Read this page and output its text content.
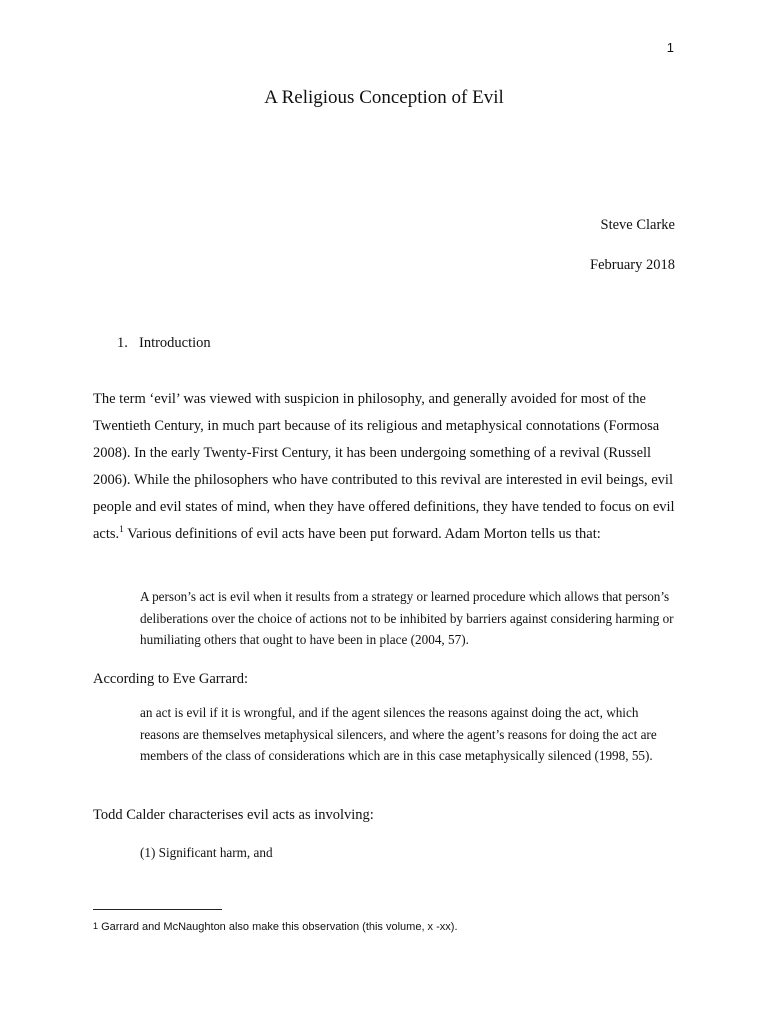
1
A Religious Conception of Evil
Steve Clarke
February 2018
1. Introduction

The term ‘evil’ was viewed with suspicion in philosophy, and generally avoided for most of the Twentieth Century, in much part because of its religious and metaphysical connotations (Formosa 2008). In the early Twenty-First Century, it has been undergoing something of a revival (Russell 2006). While the philosophers who have contributed to this revival are interested in evil beings, evil people and evil states of mind, when they have offered definitions, they have tended to focus on evil acts.$^1$ Various definitions of evil acts have been put forward. Adam Morton tells us that:

A person’s act is evil when it results from a strategy or learned procedure which allows that person’s deliberations over the choice of actions not to be inhibited by barriers against considering harming or humiliating others that ought to have been in place (2004, 57).

According to Eve Garrard:

an act is evil if it is wrongful, and if the agent silences the reasons against doing the act, which reasons are themselves metaphysical silencers, and where the agent’s reasons for doing the act are members of the class of considerations which are in this case metaphysically silenced (1998, 55).

Todd Calder characterises evil acts as involving:

(1) Significant harm, and
$^1$ Garrard and McNaughton also make this observation (this volume, x -xx).
